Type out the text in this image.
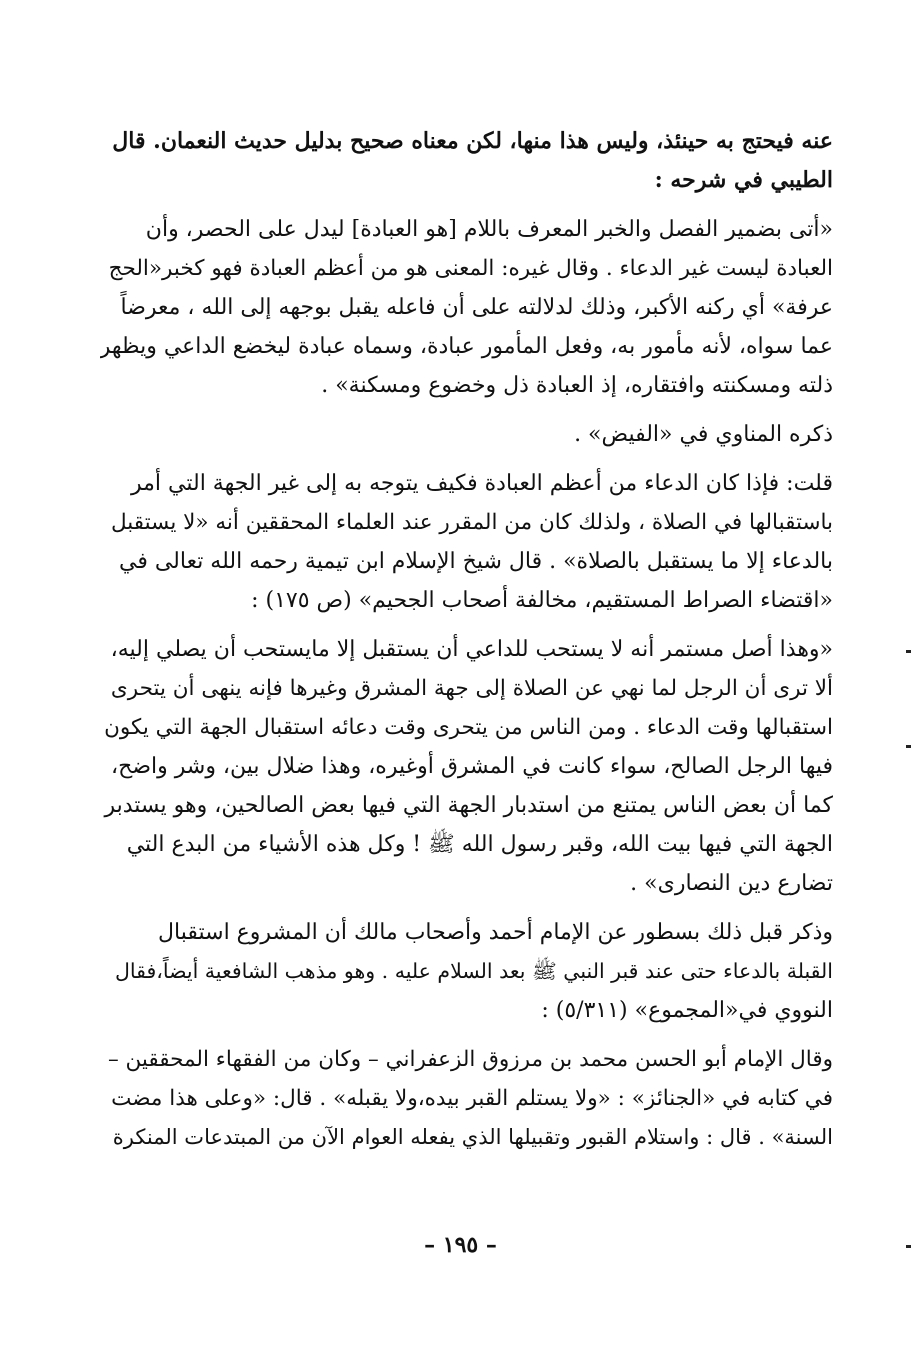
عنه فيحتج به حينئذ، وليس هذا منها، لكن معناه صحيح بدليل حديث النعمان. قال
الطيبي في شرحه :

«أتى بضمير الفصل والخبر المعرف باللام [هو العبادة] ليدل على الحصر، وأن
العبادة ليست غير الدعاء . وقال غيره: المعنى هو من أعظم العبادة فهو كخبر«الحج
عرفة» أي ركنه الأكبر، وذلك لدلالته على أن فاعله يقبل بوجهه إلى الله ، معرضاً
عما سواه، لأنه مأمور به، وفعل المأمور عبادة، وسماه عبادة ليخضع الداعي ويظهر
ذلته ومسكنته وافتقاره، إذ العبادة ذل وخضوع ومسكنة» .

ذكره المناوي في «الفيض» .

قلت: فإذا كان الدعاء من أعظم العبادة فكيف يتوجه به إلى غير الجهة التي أمر
باستقبالها في الصلاة ، ولذلك كان من المقرر عند العلماء المحققين أنه «لا يستقبل
بالدعاء إلا ما يستقبل بالصلاة» . قال شيخ الإسلام ابن تيمية رحمه الله تعالى في
«اقتضاء الصراط المستقيم، مخالفة أصحاب الجحيم» (ص ١٧٥) :

«وهذا أصل مستمر أنه لا يستحب للداعي أن يستقبل إلا مايستحب أن يصلي إليه،
ألا ترى أن الرجل لما نهي عن الصلاة إلى جهة المشرق وغيرها فإنه ينهى أن يتحرى
استقبالها وقت الدعاء . ومن الناس من يتحرى وقت دعائه استقبال الجهة التي يكون
فيها الرجل الصالح، سواء كانت في المشرق أوغيره، وهذا ضلال بين، وشر واضح،
كما أن بعض الناس يمتنع من استدبار الجهة التي فيها بعض الصالحين، وهو يستدبر
الجهة التي فيها بيت الله، وقبر رسول الله ﷺ ! وكل هذه الأشياء من البدع التي
تضارع دين النصارى» .

وذكر قبل ذلك بسطور عن الإمام أحمد وأصحاب مالك أن المشروع استقبال
القبلة بالدعاء حتى عند قبر النبي ﷺ بعد السلام عليه . وهو مذهب الشافعية أيضاً،فقال
النووي في«المجموع» (٥/٣١١) :

وقال الإمام أبو الحسن محمد بن مرزوق الزعفراني – وكان من الفقهاء المحققين –
في كتابه في «الجنائز» : «ولا يستلم القبر بيده،ولا يقبله» . قال: «وعلى هذا مضت
السنة» . قال : واستلام القبور وتقبيلها الذي يفعله العوام الآن من المبتدعات المنكرة

– ١٩٥ –
